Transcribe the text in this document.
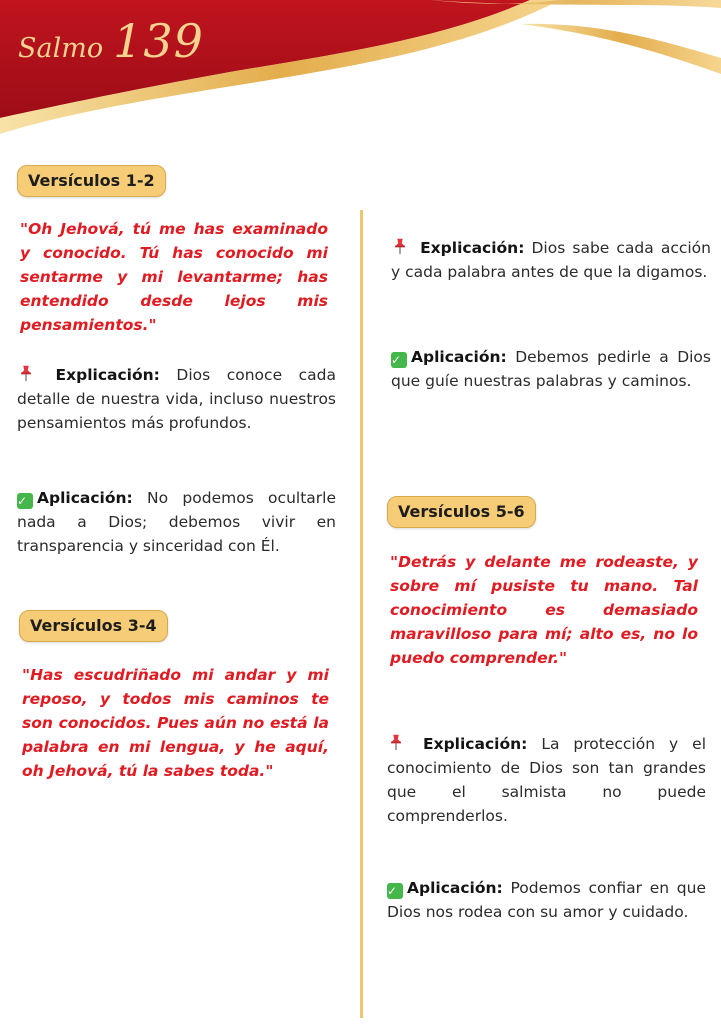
Salmo 139
Versículos 1-2
"Oh Jehová, tú me has examinado y conocido. Tú has conocido mi sentarme y mi levantarme; has entendido desde lejos mis pensamientos."
Explicación: Dios conoce cada detalle de nuestra vida, incluso nuestros pensamientos más profundos.
✓ Aplicación: No podemos ocultarle nada a Dios; debemos vivir en transparencia y sinceridad con Él.
Versículos 3-4
"Has escudriñado mi andar y mi reposo, y todos mis caminos te son conocidos. Pues aún no está la palabra en mi lengua, y he aquí, oh Jehová, tú la sabes toda."
Explicación: Dios sabe cada acción y cada palabra antes de que la digamos.
✓ Aplicación: Debemos pedirle a Dios que guíe nuestras palabras y caminos.
Versículos 5-6
"Detrás y delante me rodeaste, y sobre mí pusiste tu mano. Tal conocimiento es demasiado maravilloso para mí; alto es, no lo puedo comprender."
Explicación: La protección y el conocimiento de Dios son tan grandes que el salmista no puede comprenderlos.
✓ Aplicación: Podemos confiar en que Dios nos rodea con su amor y cuidado.
